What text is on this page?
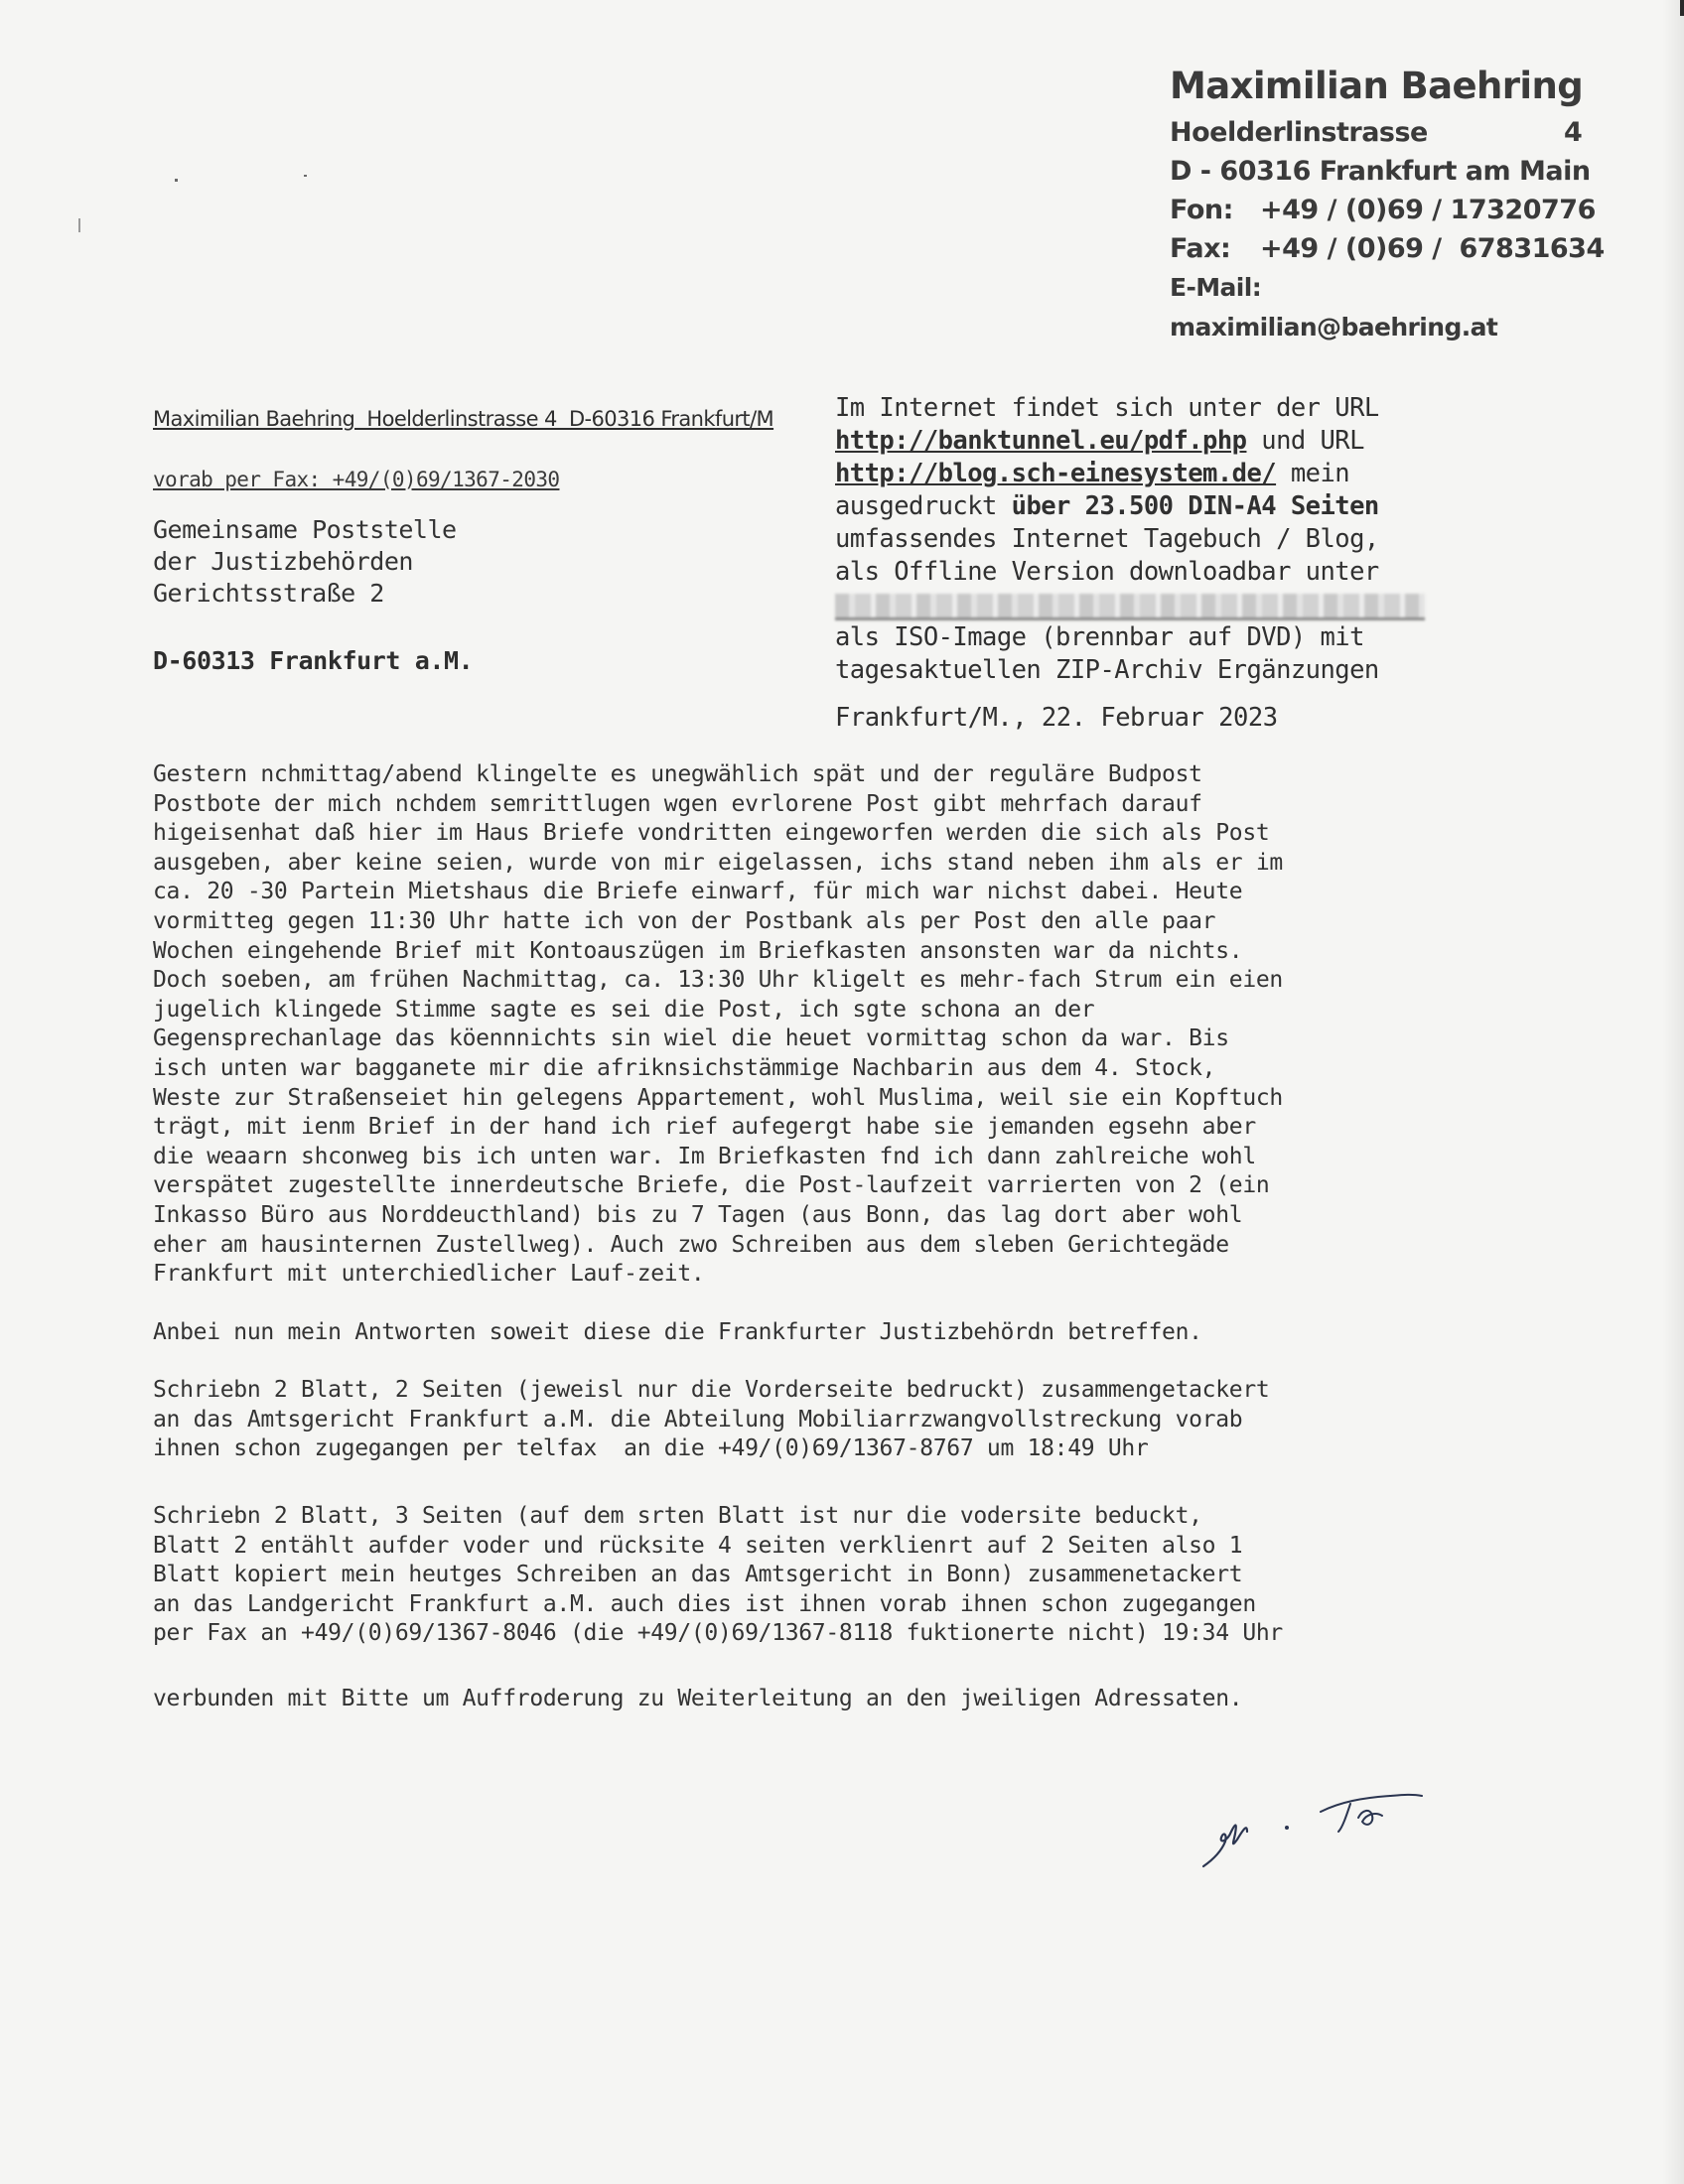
Maximilian Baehring
Hoelderlinstrasse	4
D - 60316 Frankfurt am Main
Fon: +49 / (0)69 / 17320776
Fax: +49 / (0)69 /  67831634
E-Mail: maximilian@baehring.at
Maximilian Baehring  Hoelderlinstrasse 4  D-60316 Frankfurt/M
vorab per Fax: +49/(0)69/1367-2030
Gemeinsame Poststelle
der Justizbehörden
Gerichtsstraße 2
D-60313 Frankfurt a.M.
Im Internet findet sich unter der URL
http://banktunnel.eu/pdf.php und URL
http://blog.sch-einesystem.de/ mein
ausgedruckt über 23.500 DIN-A4 Seiten
umfassendes Internet Tagebuch / Blog,
als Offline Version downloadbar unter
als ISO-Image (brennbar auf DVD) mit
tagesaktuellen ZIP-Archiv Ergänzungen
Frankfurt/M., 22. Februar 2023
Gestern nchmittag/abend klingelte es unegwählich spät und der reguläre Budpost
Postbote der mich nchdem semrittlugen wgen evrlorene Post gibt mehrfach darauf
higeisenhat daß hier im Haus Briefe vondritten eingeworfen werden die sich als Post
ausgeben, aber keine seien, wurde von mir eigelassen, ichs stand neben ihm als er im
ca. 20 -30 Partein Mietshaus die Briefe einwarf, für mich war nichst dabei. Heute
vormitteg gegen 11:30 Uhr hatte ich von der Postbank als per Post den alle paar
Wochen eingehende Brief mit Kontoauszügen im Briefkasten ansonsten war da nichts.
Doch soeben, am frühen Nachmittag, ca. 13:30 Uhr kligelt es mehr-fach Strum ein eien
jugelich klingede Stimme sagte es sei die Post, ich sgte schona an der
Gegensprechanlage das köennnichts sin wiel die heuet vormittag schon da war. Bis
isch unten war bagganete mir die afriknsichstämmige Nachbarin aus dem 4. Stock,
Weste zur Straßenseiet hin gelegens Appartement, wohl Muslima, weil sie ein Kopftuch
trägt, mit ienm Brief in der hand ich rief aufegergt habe sie jemanden egsehn aber
die weaarn shconweg bis ich unten war. Im Briefkasten fnd ich dann zahlreiche wohl
verspätet zugestellte innerdeutsche Briefe, die Post-laufzeit varrierten von 2 (ein
Inkasso Büro aus Norddeucthland) bis zu 7 Tagen (aus Bonn, das lag dort aber wohl
eher am hausinternen Zustellweg). Auch zwo Schreiben aus dem sleben Gerichtegäde
Frankfurt mit unterchiedlicher Lauf-zeit.
Anbei nun mein Antworten soweit diese die Frankfurter Justizbehördn betreffen.
Schriebn 2 Blatt, 2 Seiten (jeweisl nur die Vorderseite bedruckt) zusammengetackert
an das Amtsgericht Frankfurt a.M. die Abteilung Mobiliarrzwangvollstreckung vorab
ihnen schon zugegangen per telfax  an die +49/(0)69/1367-8767 um 18:49 Uhr
Schriebn 2 Blatt, 3 Seiten (auf dem srten Blatt ist nur die vodersite beduckt,
Blatt 2 entählt aufder voder und rücksite 4 seiten verklienrt auf 2 Seiten also 1
Blatt kopiert mein heutges Schreiben an das Amtsgericht in Bonn) zusammenetackert
an das Landgericht Frankfurt a.M. auch dies ist ihnen vorab ihnen schon zugegangen
per Fax an +49/(0)69/1367-8046 (die +49/(0)69/1367-8118 fuktionerte nicht) 19:34 Uhr
verbunden mit Bitte um Auffroderung zu Weiterleitung an den jweiligen Adressaten.
